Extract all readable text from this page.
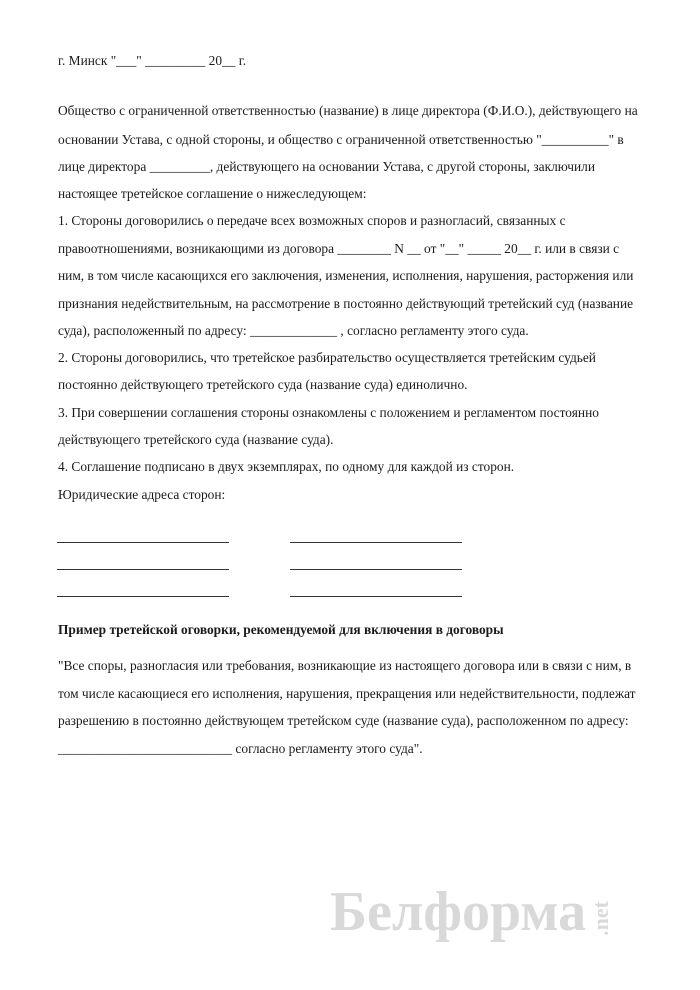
г. Минск "___" _________ 20__ г.

Общество с ограниченной ответственностью (название) в лице директора (Ф.И.О.), действующего на

основании Устава, с одной стороны, и общество с ограниченной ответственностью "__________" в

лице директора _________, действующего на основании Устава, с другой стороны, заключили

настоящее третейское соглашение о нижеследующем:

1. Стороны договорились о передаче всех возможных споров и разногласий, связанных с

правоотношениями, возникающими из договора ________ N __ от "__" _____ 20__ г. или в связи с

ним, в том числе касающихся его заключения, изменения, исполнения, нарушения, расторжения или

признания недействительным, на рассмотрение в постоянно действующий третейский суд (название

суда), расположенный по адресу: _____________ , согласно регламенту этого суда.

2. Стороны договорились, что третейское разбирательство осуществляется третейским судьей

постоянно действующего третейского суда (название суда) единолично.

3. При совершении соглашения стороны ознакомлены с положением и регламентом постоянно

действующего третейского суда (название суда).

4. Соглашение подписано в двух экземплярах, по одному для каждой из сторон.

Юридические адреса сторон:

Пример третейской оговорки, рекомендуемой для включения в договоры

"Все споры, разногласия или требования, возникающие из настоящего договора или в связи с ним, в

том числе касающиеся его исполнения, нарушения, прекращения или недействительности, подлежат

разрешению в постоянно действующем третейском суде (название суда), расположенном по адресу:

__________________________ согласно регламенту этого суда".

Белформа .net
